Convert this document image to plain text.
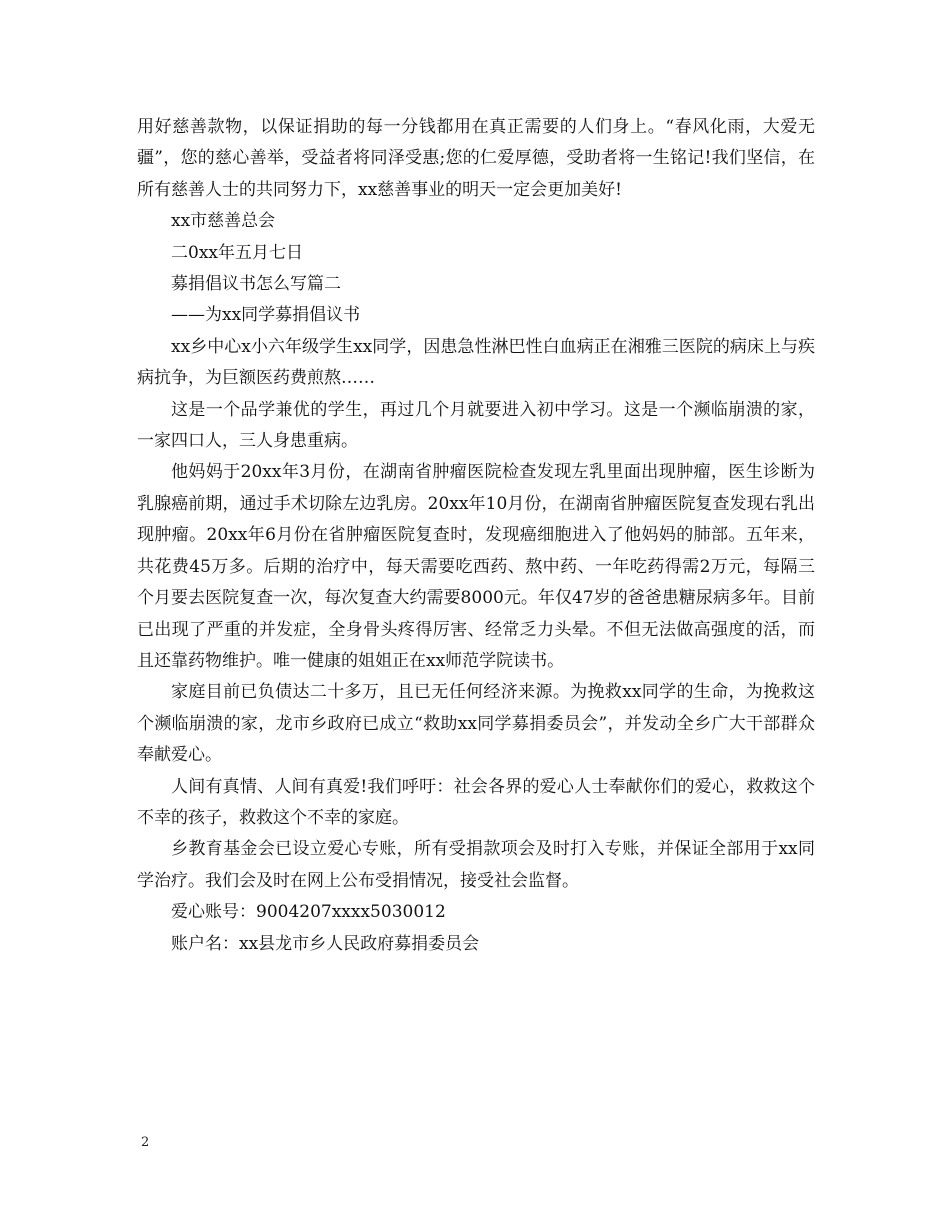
用好慈善款物，以保证捐助的每一分钱都用在真正需要的人们身上。“春风化雨，大爱无疆”，您的慈心善举，受益者将同泽受惠;您的仁爱厚德，受助者将一生铭记!我们坚信，在所有慈善人士的共同努力下，xx慈善事业的明天一定会更加美好!

xx市慈善总会

二0xx年五月七日

募捐倡议书怎么写篇二

——为xx同学募捐倡议书

xx乡中心x小六年级学生xx同学，因患急性淋巴性白血病正在湘雅三医院的病床上与疾病抗争，为巨额医药费煎熬……

这是一个品学兼优的学生，再过几个月就要进入初中学习。这是一个濒临崩溃的家，一家四口人，三人身患重病。

他妈妈于20xx年3月份，在湖南省肿瘤医院检查发现左乳里面出现肿瘤，医生诊断为乳腺癌前期，通过手术切除左边乳房。20xx年10月份，在湖南省肿瘤医院复查发现右乳出现肿瘤。20xx年6月份在省肿瘤医院复查时，发现癌细胞进入了他妈妈的肺部。五年来，共花费45万多。后期的治疗中，每天需要吃西药、熬中药、一年吃药得需2万元，每隔三个月要去医院复查一次，每次复查大约需要8000元。年仅47岁的爸爸患糖尿病多年。目前已出现了严重的并发症，全身骨头疼得厉害、经常乏力头晕。不但无法做高强度的活，而且还靠药物维护。唯一健康的姐姐正在xx师范学院读书。

家庭目前已负债达二十多万，且已无任何经济来源。为挽救xx同学的生命，为挽救这个濒临崩溃的家，龙市乡政府已成立“救助xx同学募捐委员会”，并发动全乡广大干部群众奉献爱心。

人间有真情、人间有真爱!我们呼吁：社会各界的爱心人士奉献你们的爱心，救救这个不幸的孩子，救救这个不幸的家庭。

乡教育基金会已设立爱心专账，所有受捐款项会及时打入专账，并保证全部用于xx同学治疗。我们会及时在网上公布受捐情况，接受社会监督。

爱心账号：9004207xxxx5030012

账户名：xx县龙市乡人民政府募捐委员会

2
